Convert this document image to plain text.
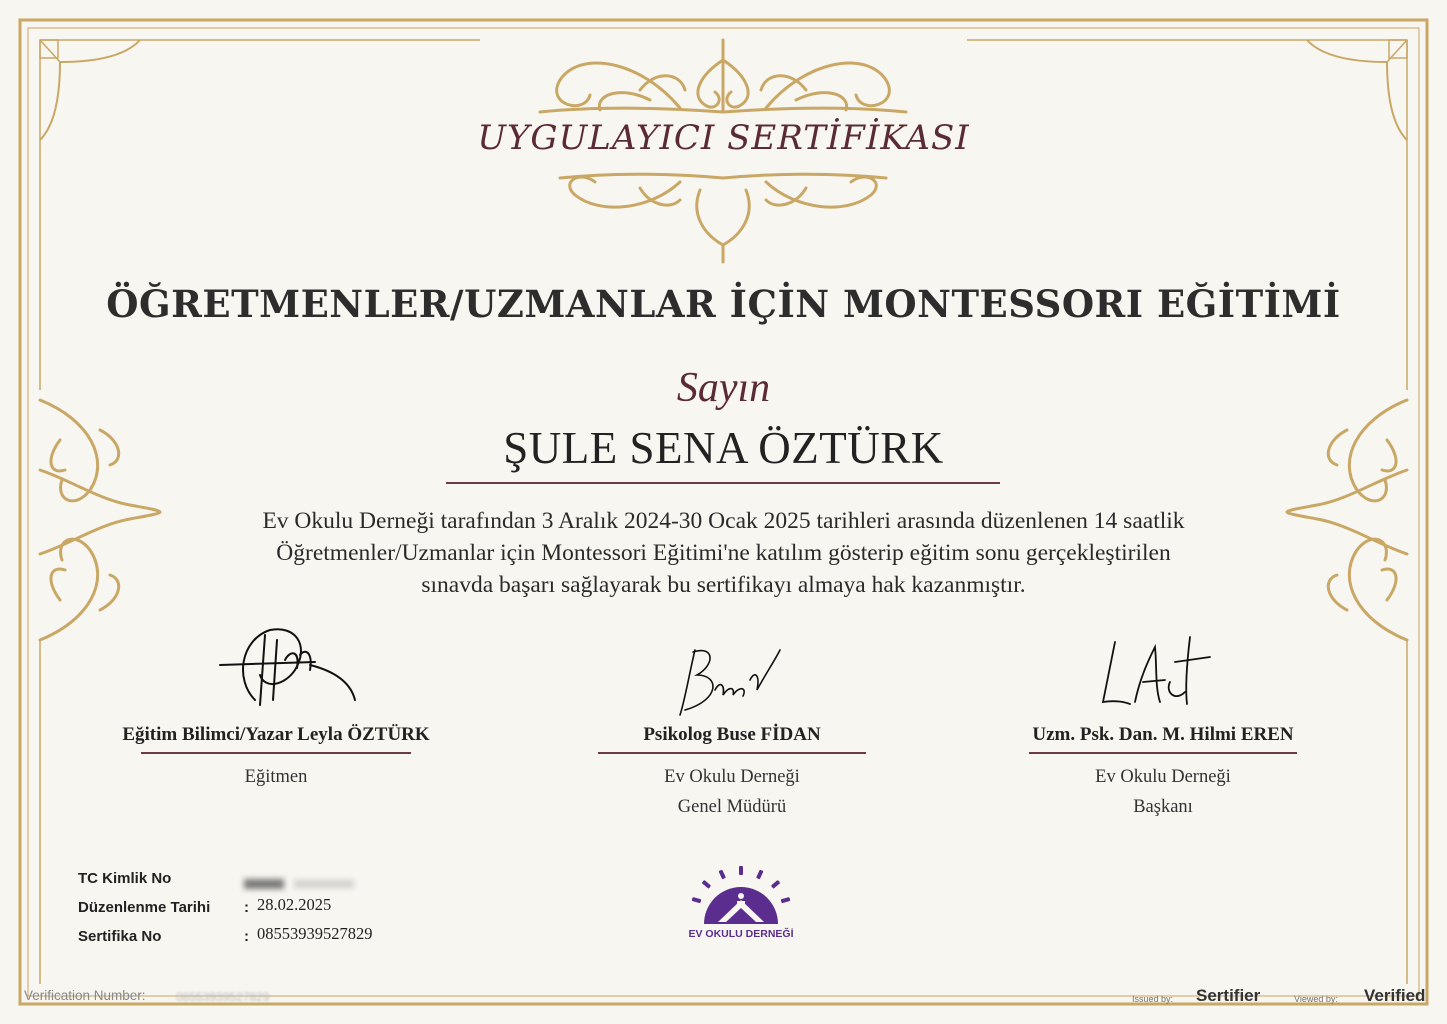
UYGULAYICI SERTİFİKASI
ÖĞRETMENLER/UZMANLAR İÇİN MONTESSORI EĞİTİMİ
Sayın
ŞULE SENA ÖZTÜRK

Ev Okulu Derneği tarafından 3 Aralık 2024-30 Ocak 2025 tarihleri arasında düzenlenen 14 saatlik
Öğretmenler/Uzmanlar için Montessori Eğitimi'ne katılım gösterip eğitim sonu gerçekleştirilen
sınavda başarı sağlayarak bu sertifikayı almaya hak kazanmıştır.

Eğitim Bilimci/Yazar Leyla ÖZTÜRK
Eğitmen
Psikolog Buse FİDAN
Ev Okulu Derneği
Genel Müdürü
Uzm. Psk. Dan. M. Hilmi EREN
Ev Okulu Derneği
Başkanı
TC Kimlik No
Düzenlenme Tarihi : 28.02.2025
Sertifika No	: 08553939527829	EV OKULU DERNEĞİ
Verification Number:	08553939527829	Issued by: Sertifier	Viewed by: Verified
